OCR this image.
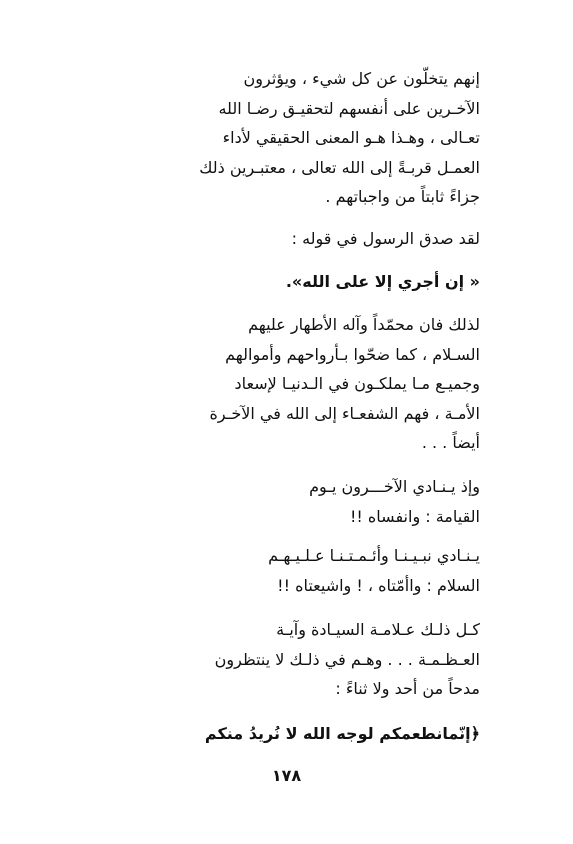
إنهم يتخلّون عن كل شيء ، ويؤثرون
الآخـرين على أنفسهم لتحقيـق رضـا الله
تعـالى ، وهـذا هـو المعنى الحقيقي لأداء
العمـل قربـةً إلى الله تعالى ، معتبـرين ذلك
جزاءً ثابتاً من واجباتهم .
لقد صدق الرسول في قوله :
« إن أجري إلا على الله».
لذلك فان محمّداً وآله الأطهار عليهم
السـلام ، كما ضحّوا بـأرواحهم وأموالهم
وجميـع مـا يملكـون في الـدنيـا لإسعاد
الأمـة ، فهم الشفعـاء إلى الله في الآخـرة
أيضاً . . .
وإذ يـنـادي الآخـــرون يـوم
القيامة : وانفساه !!
يـنـادي نبـيـنـا وأئـمـتـنـا عـلـيـهـم
السلام : واأمّتاه ، ! واشيعتاه !!
كـل ذلـك عـلامـة السيـادة وآيـة
العـظـمـة . . . وهـم في ذلـك لا ينتظرون
مدحاً من أحد ولا ثناءً :
﴿إنّمانطعمكم لوجه الله لا نُريدُ منكم
١٧٨
